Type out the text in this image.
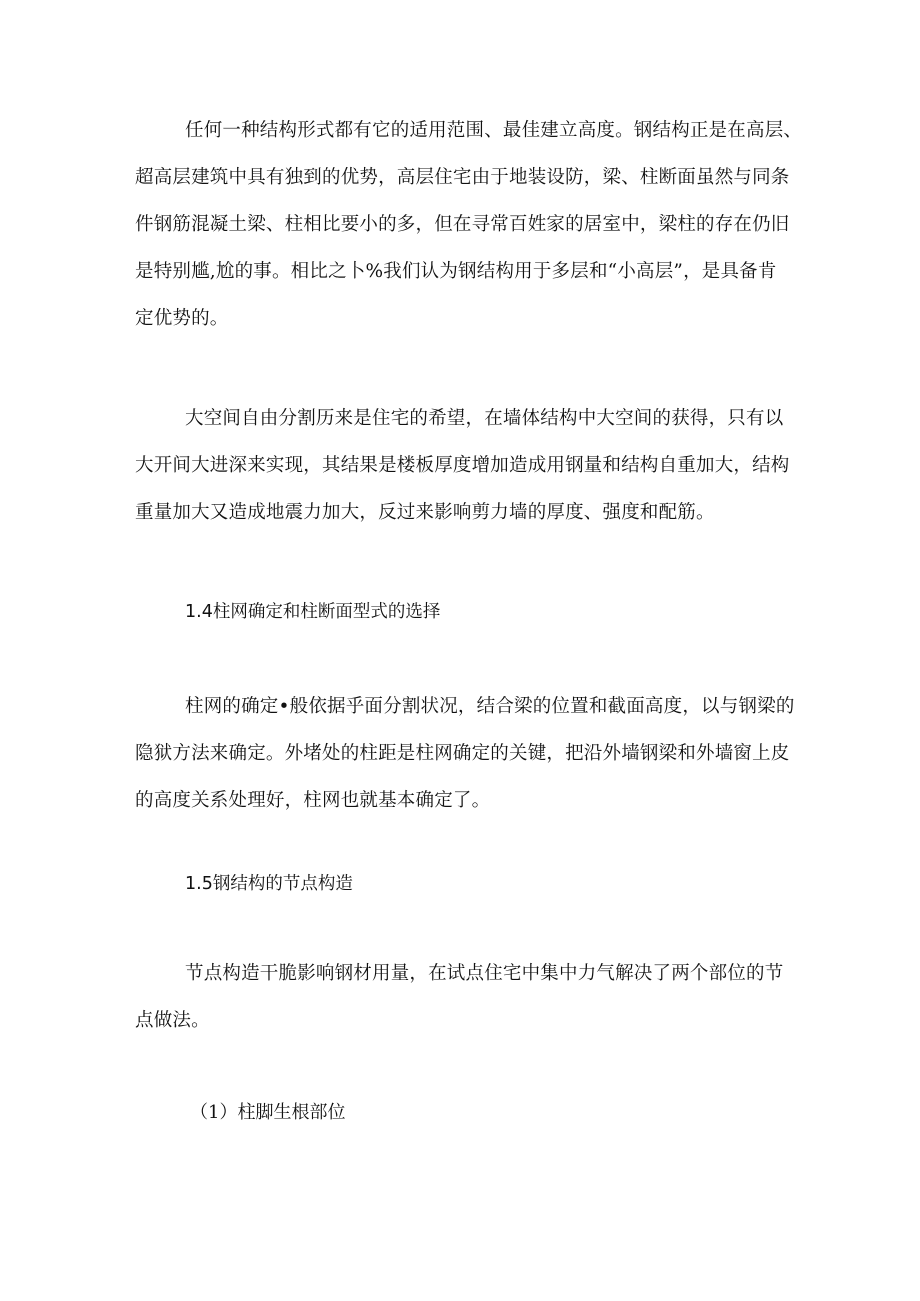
任何一种结构形式都有它的适用范围、最佳建立高度。钢结构正是在高层、
超高层建筑中具有独到的优势，高层住宅由于地装设防，梁、柱断面虽然与同条
件钢筋混凝土梁、柱相比要小的多，但在寻常百姓家的居室中，梁柱的存在仍旧
是特别尴,尬的事。相比之卜%我们认为钢结构用于多层和“小高层”，是具备肯
定优势的。
大空间自由分割历来是住宅的希望，在墙体结构中大空间的获得，只有以
大开间大进深来实现，其结果是楼板厚度增加造成用钢量和结构自重加大，结构
重量加大又造成地震力加大，反过来影响剪力墙的厚度、强度和配筋。
1.4柱网确定和柱断面型式的选择
柱网的确定•般依据乎面分割状况，结合梁的位置和截面高度，以与钢梁的
隐狱方法来确定。外堵处的柱距是柱网确定的关键，把沿外墙钢梁和外墙窗上皮
的高度关系处理好，柱网也就基本确定了。
1.5钢结构的节点构造
节点构造干脆影响钢材用量，在试点住宅中集中力气解决了两个部位的节
点做法。
（1）柱脚生根部位
